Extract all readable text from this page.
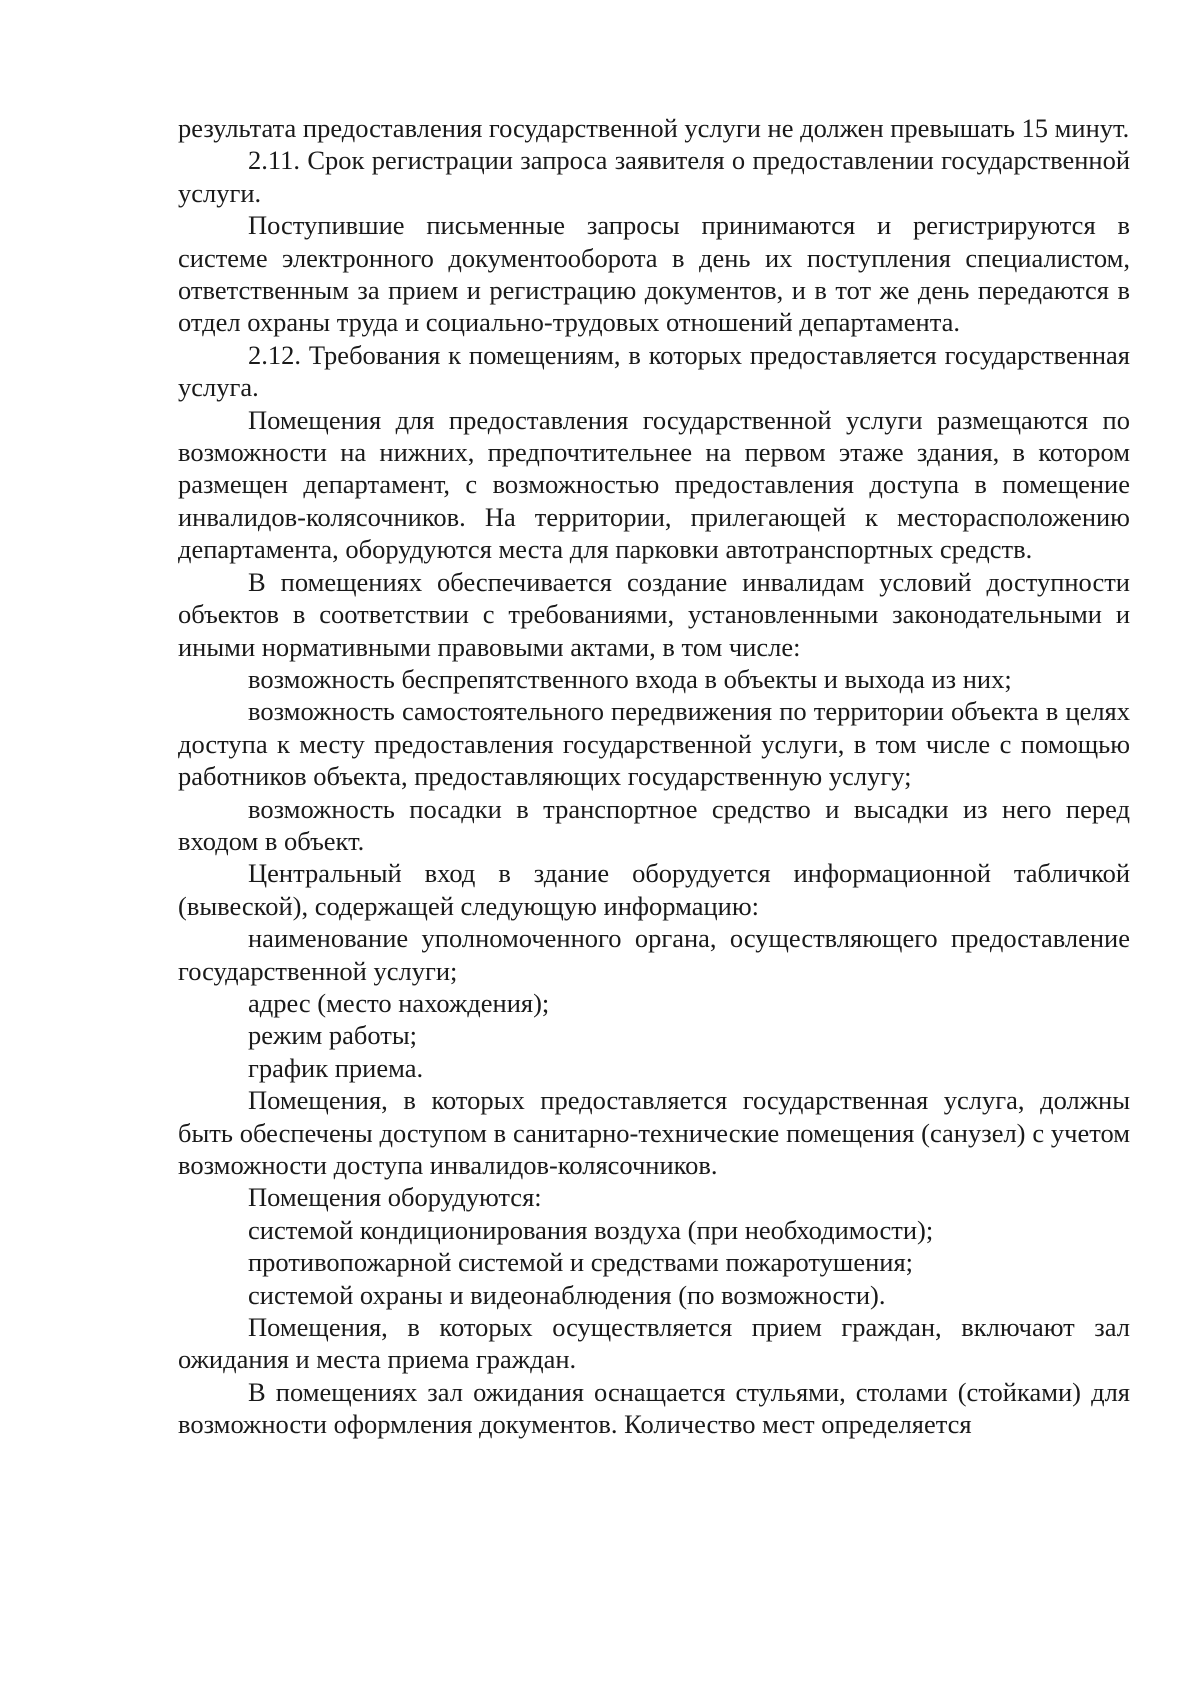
результата предоставления государственной услуги не должен превышать 15 минут.

2.11. Срок регистрации запроса заявителя о предоставлении государственной услуги.

Поступившие письменные запросы принимаются и регистрируются в системе электронного документооборота в день их поступления специалистом, ответственным за прием и регистрацию документов, и в тот же день передаются в отдел охраны труда и социально-трудовых отношений департамента.

2.12. Требования к помещениям, в которых предоставляется государственная услуга.

Помещения для предоставления государственной услуги размещаются по возможности на нижних, предпочтительнее на первом этаже здания, в котором размещен департамент, с возможностью предоставления доступа в помещение инвалидов-колясочников. На территории, прилегающей к месторасположению департамента, оборудуются места для парковки автотранспортных средств.

В помещениях обеспечивается создание инвалидам условий доступности объектов в соответствии с требованиями, установленными законодательными и иными нормативными правовыми актами, в том числе:

возможность беспрепятственного входа в объекты и выхода из них;

возможность самостоятельного передвижения по территории объекта в целях доступа к месту предоставления государственной услуги, в том числе с помощью работников объекта, предоставляющих государственную услугу;

возможность посадки в транспортное средство и высадки из него перед входом в объект.

Центральный вход в здание оборудуется информационной табличкой (вывеской), содержащей следующую информацию:

наименование уполномоченного органа, осуществляющего предоставление государственной услуги;

адрес (место нахождения);

режим работы;

график приема.

Помещения, в которых предоставляется государственная услуга, должны быть обеспечены доступом в санитарно-технические помещения (санузел) с учетом возможности доступа инвалидов-колясочников.

Помещения оборудуются:

системой кондиционирования воздуха (при необходимости);

противопожарной системой и средствами пожаротушения;

системой охраны и видеонаблюдения (по возможности).

Помещения, в которых осуществляется прием граждан, включают зал ожидания и места приема граждан.

В помещениях зал ожидания оснащается стульями, столами (стойками) для возможности оформления документов. Количество мест определяется
